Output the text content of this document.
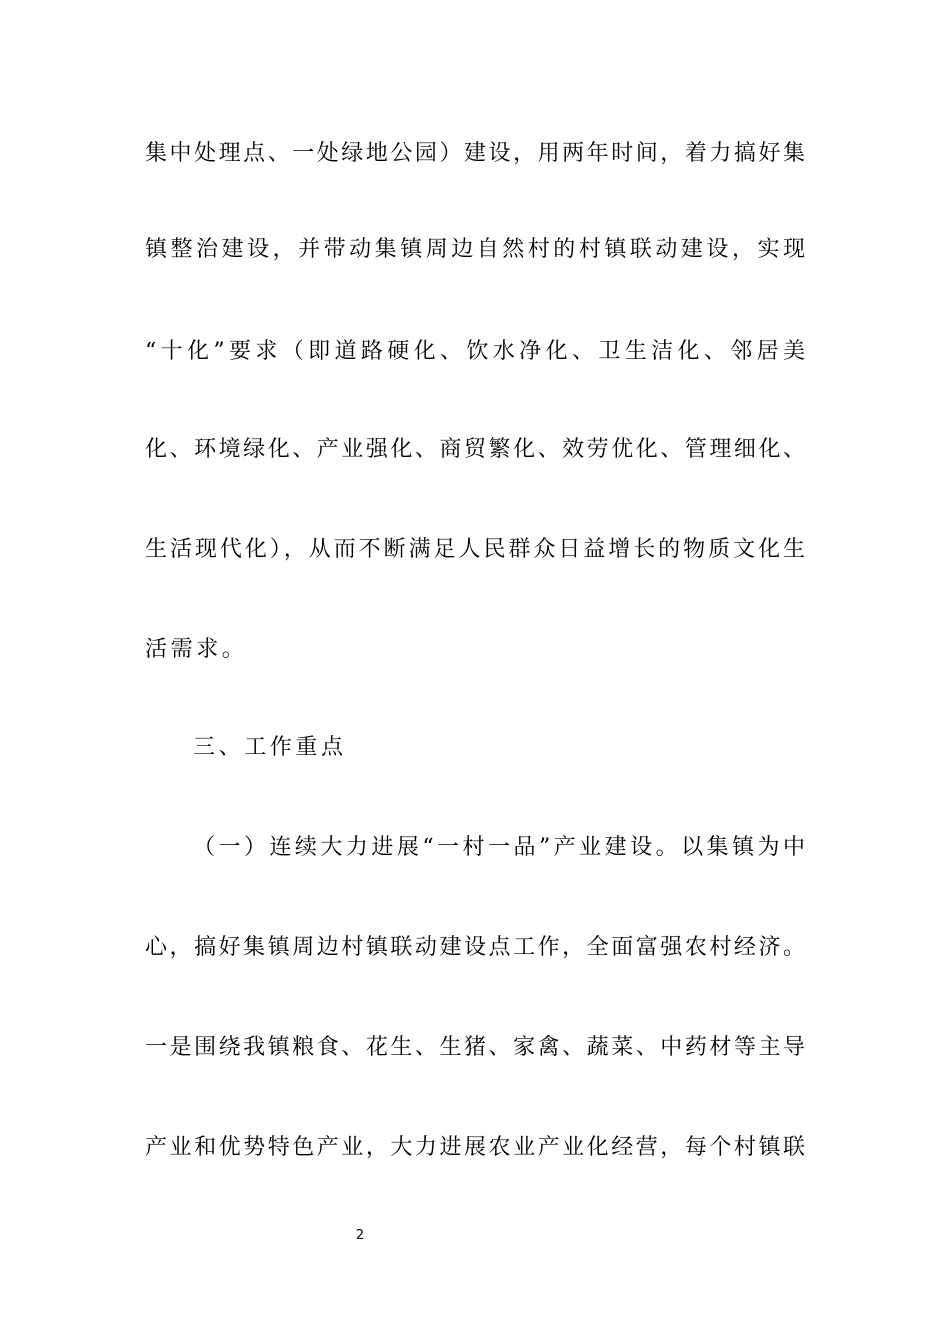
集中处理点、一处绿地公园）建设，用两年时间，着力搞好集
镇整治建设，并带动集镇周边自然村的村镇联动建设，实现
“十化”要求（即道路硬化、饮水净化、卫生洁化、邻居美
化、环境绿化、产业强化、商贸繁化、效劳优化、管理细化、
生活现代化），从而不断满足人民群众日益增长的物质文化生
活需求。
三、工作重点
（一）连续大力进展“一村一品”产业建设。以集镇为中
心，搞好集镇周边村镇联动建设点工作，全面富强农村经济。
一是围绕我镇粮食、花生、生猪、家禽、蔬菜、中药材等主导
产业和优势特色产业，大力进展农业产业化经营，每个村镇联
2
